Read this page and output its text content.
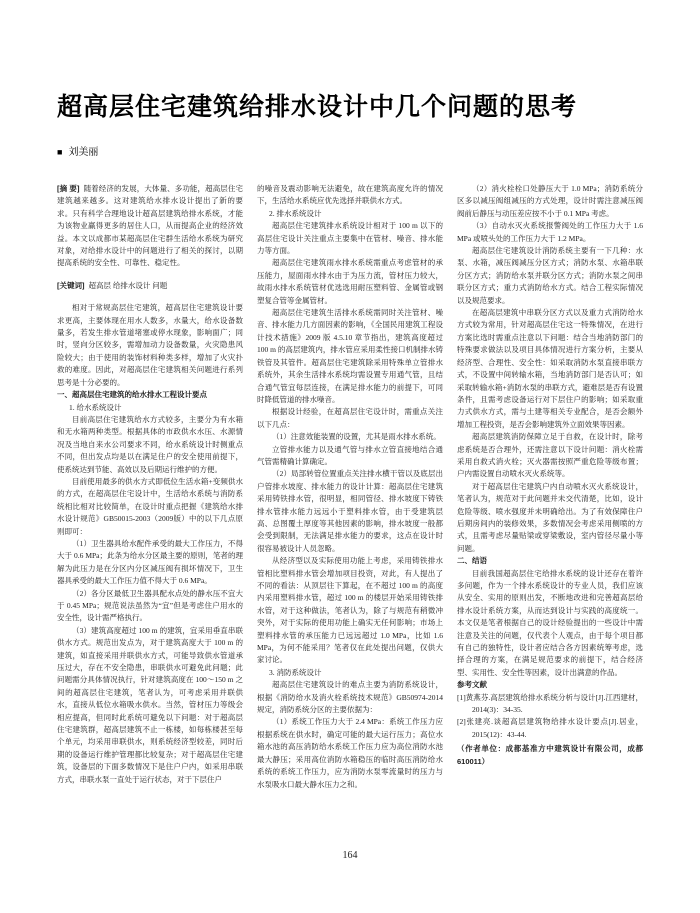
超高层住宅建筑给排水设计中几个问题的思考
■ 刘美丽

[摘 要] 随着经济的发展，大体量、多功能，超高层住宅建筑越来越多。这对建筑给水排水设计提出了新的要求。只有科学合理地设计超高层建筑给排水系统，才能为该物业赢得更多的居住人口，从而提高企业的经济效益。本文以成都市某超高层住宅群生活给水系统为研究对象，对给排水设计中的问题进行了相关的探讨，以期提高系统的安全性、可靠性、稳定性。

[关键词] 超高层 给排水设计 问题

相对于常规高层住宅建筑，超高层住宅建筑设计要求更高，主要体现在用水人数多，水量大，给水设备数量多，若发生排水管道堵塞或停水现象，影响面广；同时，竖向分区较多，需增加动力设备数量，火灾隐患风险较大；由于使用的装饰材料种类多样，增加了火灾扑救的难度。因此，对超高层住宅建筑相关问题进行系列思考是十分必要的。

一、超高层住宅建筑的给水排水工程设计要点

1. 给水系统设计

目前高层住宅建筑给水方式较多，主要分为有水箱和无水箱两种类型。根据具体的市政供水水压、水源情况及当地自来水公司要求不同，给水系统设计时侧重点不同，但出发点均是以在满足住户的安全使用前提下，使系统达到节能、高效以及后期运行维护的方便。

目前使用最多的供水方式即低位生活水箱+变频供水的方式，在超高层住宅设计中，生活给水系统与消防系统相比相对比较简单，在设计时重点把握《建筑给水排水设计规范》GB50015-2003（2009版）中的以下几点原则即可：

（1）卫生器具给水配件承受的最大工作压力，不得大于 0.6 MPa；此条为给水分区最主要的原则，笔者的理解为此压力是在分区内分区减压阀有损坏情况下，卫生器具承受的最大工作压力值不得大于 0.6 MPa。

（2）各分区最低卫生器具配水点处的静水压不宜大于 0.45 MPa；规范说法虽然为“宜”但是考虑住户用水的安全性，设计需严格执行。

（3）建筑高度超过 100 m 的建筑，宜采用垂直串联供水方式。规范出发点为，对于建筑高度大于 100 m 的建筑，如直接采用并联供水方式，可能导致供水管道承压过大，存在不安全隐患，串联供水可避免此问题；此问题需分具体情况执行，针对建筑高度在 100～150 m 之间的超高层住宅建筑，笔者认为，可考虑采用并联供水，直接从低位水箱吸水供水。当然，管材压力等级会相应提高，但同时此系统可避免以下问题：对于超高层住宅建筑群，超高层建筑不止一栋楼，如每栋楼甚至每个单元，均采用串联供水，则系统经济型较差，同时后期的设备运行维护管理都比较复杂；对于超高层住宅建筑，设备层的下面多数情况下是住户户内，如采用串联方式，串联水泵一直处于运行状态，对于下层住户

的噪音及震动影响无法避免，故在建筑高度允许的情况下，生活给水系统应优先选择并联供水方式。

2. 排水系统设计

超高层住宅建筑排水系统设计相对于 100 m 以下的高层住宅设计关注重点主要集中在管材、噪音、排水能力等方面。

超高层住宅建筑雨水排水系统需重点考虑管材的承压能力，屋面雨水排水由于为压力流，管材压力较大，故雨水排水系统管材优选选用耐压塑料管、金属管或钢塑复合管等金属管材。

超高层住宅建筑生活排水系统需同时关注管材、噪音、排水能力几方面因素的影响，《全国民用建筑工程设计技术措施》2009 版 4.5.10 章节指出，建筑高度超过 100 m 的高层建筑内，排水管应采用柔性接口机制排水铸铁管及其管件。超高层住宅建筑除采用特殊单立管排水系统外，其余生活排水系统均需设置专用通气管，且结合通气管宜每层连接，在满足排水能力的前提下，可同时降低管道的排水噪音。

根据设计经验，在超高层住宅设计时，需重点关注以下几点：

（1）注意效能装置的设置，尤其是雨水排水系统。

立管排水能力以及通气管与排水立管直接地结合通气管需精确计算确定。

（2）局部转管位置重点关注排水横干管以及底层出户管排水坡度、排水能力的设计计算：超高层住宅建筑采用铸铁排水管，很明显，相同管径、排水坡度下铸铁排水管排水能力远远小于塑料排水管，由于受建筑层高、总图覆土厚度等其他因素的影响，排水坡度一般都会受到限制，无法满足排水能力的要求，这点在设计时很容易被设计人员忽略。

从经济型以及实际使用功能上考虑，采用铸铁排水管相比塑料排水管会增加项目投资，对此，有人提出了不同的看法：从顶层往下算起，在不超过 100 m 的高度内采用塑料排水管，超过 100 m 的楼层开始采用铸铁排水管，对于这种做法，笔者认为，除了与规范有稍微冲突外，对于实际的使用功能上确实无任何影响；市场上塑料排水管的承压能力已远远超过 1.0 MPa，比如 1.6 MPa，为何不能采用？笔者仅在此处提出问题，仅供大家讨论。

3. 消防系统设计

超高层住宅建筑设计的难点主要为消防系统设计，根据《消防给水及消火栓系统技术规范》GB50974-2014 规定，消防系统分区的主要依据为：

（1）系统工作压力大于 2.4 MPa：系统工作压力应根据系统在供水时，确定可能的最大运行压力；高位水箱水池的高压消防给水系统工作压力应为高位消防水池最大静压；采用高位消防水箱稳压的临时高压消防给水系统的系统工作压力，应为消防水泵零流量时的压力与水泵吸水口最大静水压力之和。

（2）消火栓栓口处静压大于 1.0 MPa；消防系统分区多以减压阀组减压的方式处理，设计时需注意减压阀阀前后静压与动压差应按不小于 0.1 MPa 考虑。

（3）自动水灭火系统报警阀处的工作压力大于 1.6 MPa 或喷头处的工作压力大于 1.2 MPa。

超高层住宅建筑设计消防系统主要有一下几种：水泵、水箱，减压阀减压分区方式；消防水泵、水箱串联分区方式；消防给水泵并联分区方式；消防水泵之间串联分区方式；重力式消防给水方式。结合工程实际情况以及规范要求。

在超高层建筑中串联分区方式以及重力式消防给水方式较为常用，针对超高层住宅这一特殊情况，在进行方案比选时需重点注意以下问题：结合当地消防部门的特殊要求做法以及项目具体情况进行方案分析，主要从经济型、合理性、安全性：如采取消防水泵直接串联方式，不设置中间转输水箱，当地消防部门是否认可；如采取转输水箱+消防水泵的串联方式，避难层是否有设置条件，且需考虑设备运行对下层住户的影响；如采取重力式供水方式，需与土建等相关专业配合，是否会额外增加工程投资，是否会影响建筑外立面效果等因素。

超高层建筑消防保障立足于自救，在设计时，除考虑系统是否合理外，还需注意以下设计问题：消火栓需采用自救式消火栓；灭火器需按照严重危险等级布置；户内需设置自动喷水灭火系统等。

对于超高层住宅建筑户内自动喷水灭火系统设计，笔者认为，规范对于此问题并未交代清楚，比如，设计危险等级、喷水强度并未明确给出。为了有效保障住户后期房间内的装修效果，多数情况会考虑采用侧喷的方式，且需考虑尽量贴梁或穿梁敷设，室内管径尽量小等问题。

二、结语

目前我国超高层住宅给排水系统的设计还存在着许多问题，作为一个排水系统设计的专业人员，我们应该从安全、实用的原则出发，不断地改进和完善超高层给排水设计系统方案，从而达到设计与实践的高度统一。本文仅是笔者根据自己的设计经验提出的一些设计中需注意及关注的问题，仅代表个人观点，由于每个项目都有自己的独特性，设计者应结合各方因素统筹考虑，选择合理的方案，在满足规范要求的前提下，结合经济型、实用性、安全性等因素，设计出满意的作品。

参考文献

[1]黄燕芬.高层建筑给排水系统分析与设计[J].江西建材，2014(3)：34-35.

[2]张建亮.谈超高层建筑物给排水设计要点[J].居业，2015(12)：43-44.

（作者单位：成都基准方中建筑设计有限公司，成都 610011）

164
